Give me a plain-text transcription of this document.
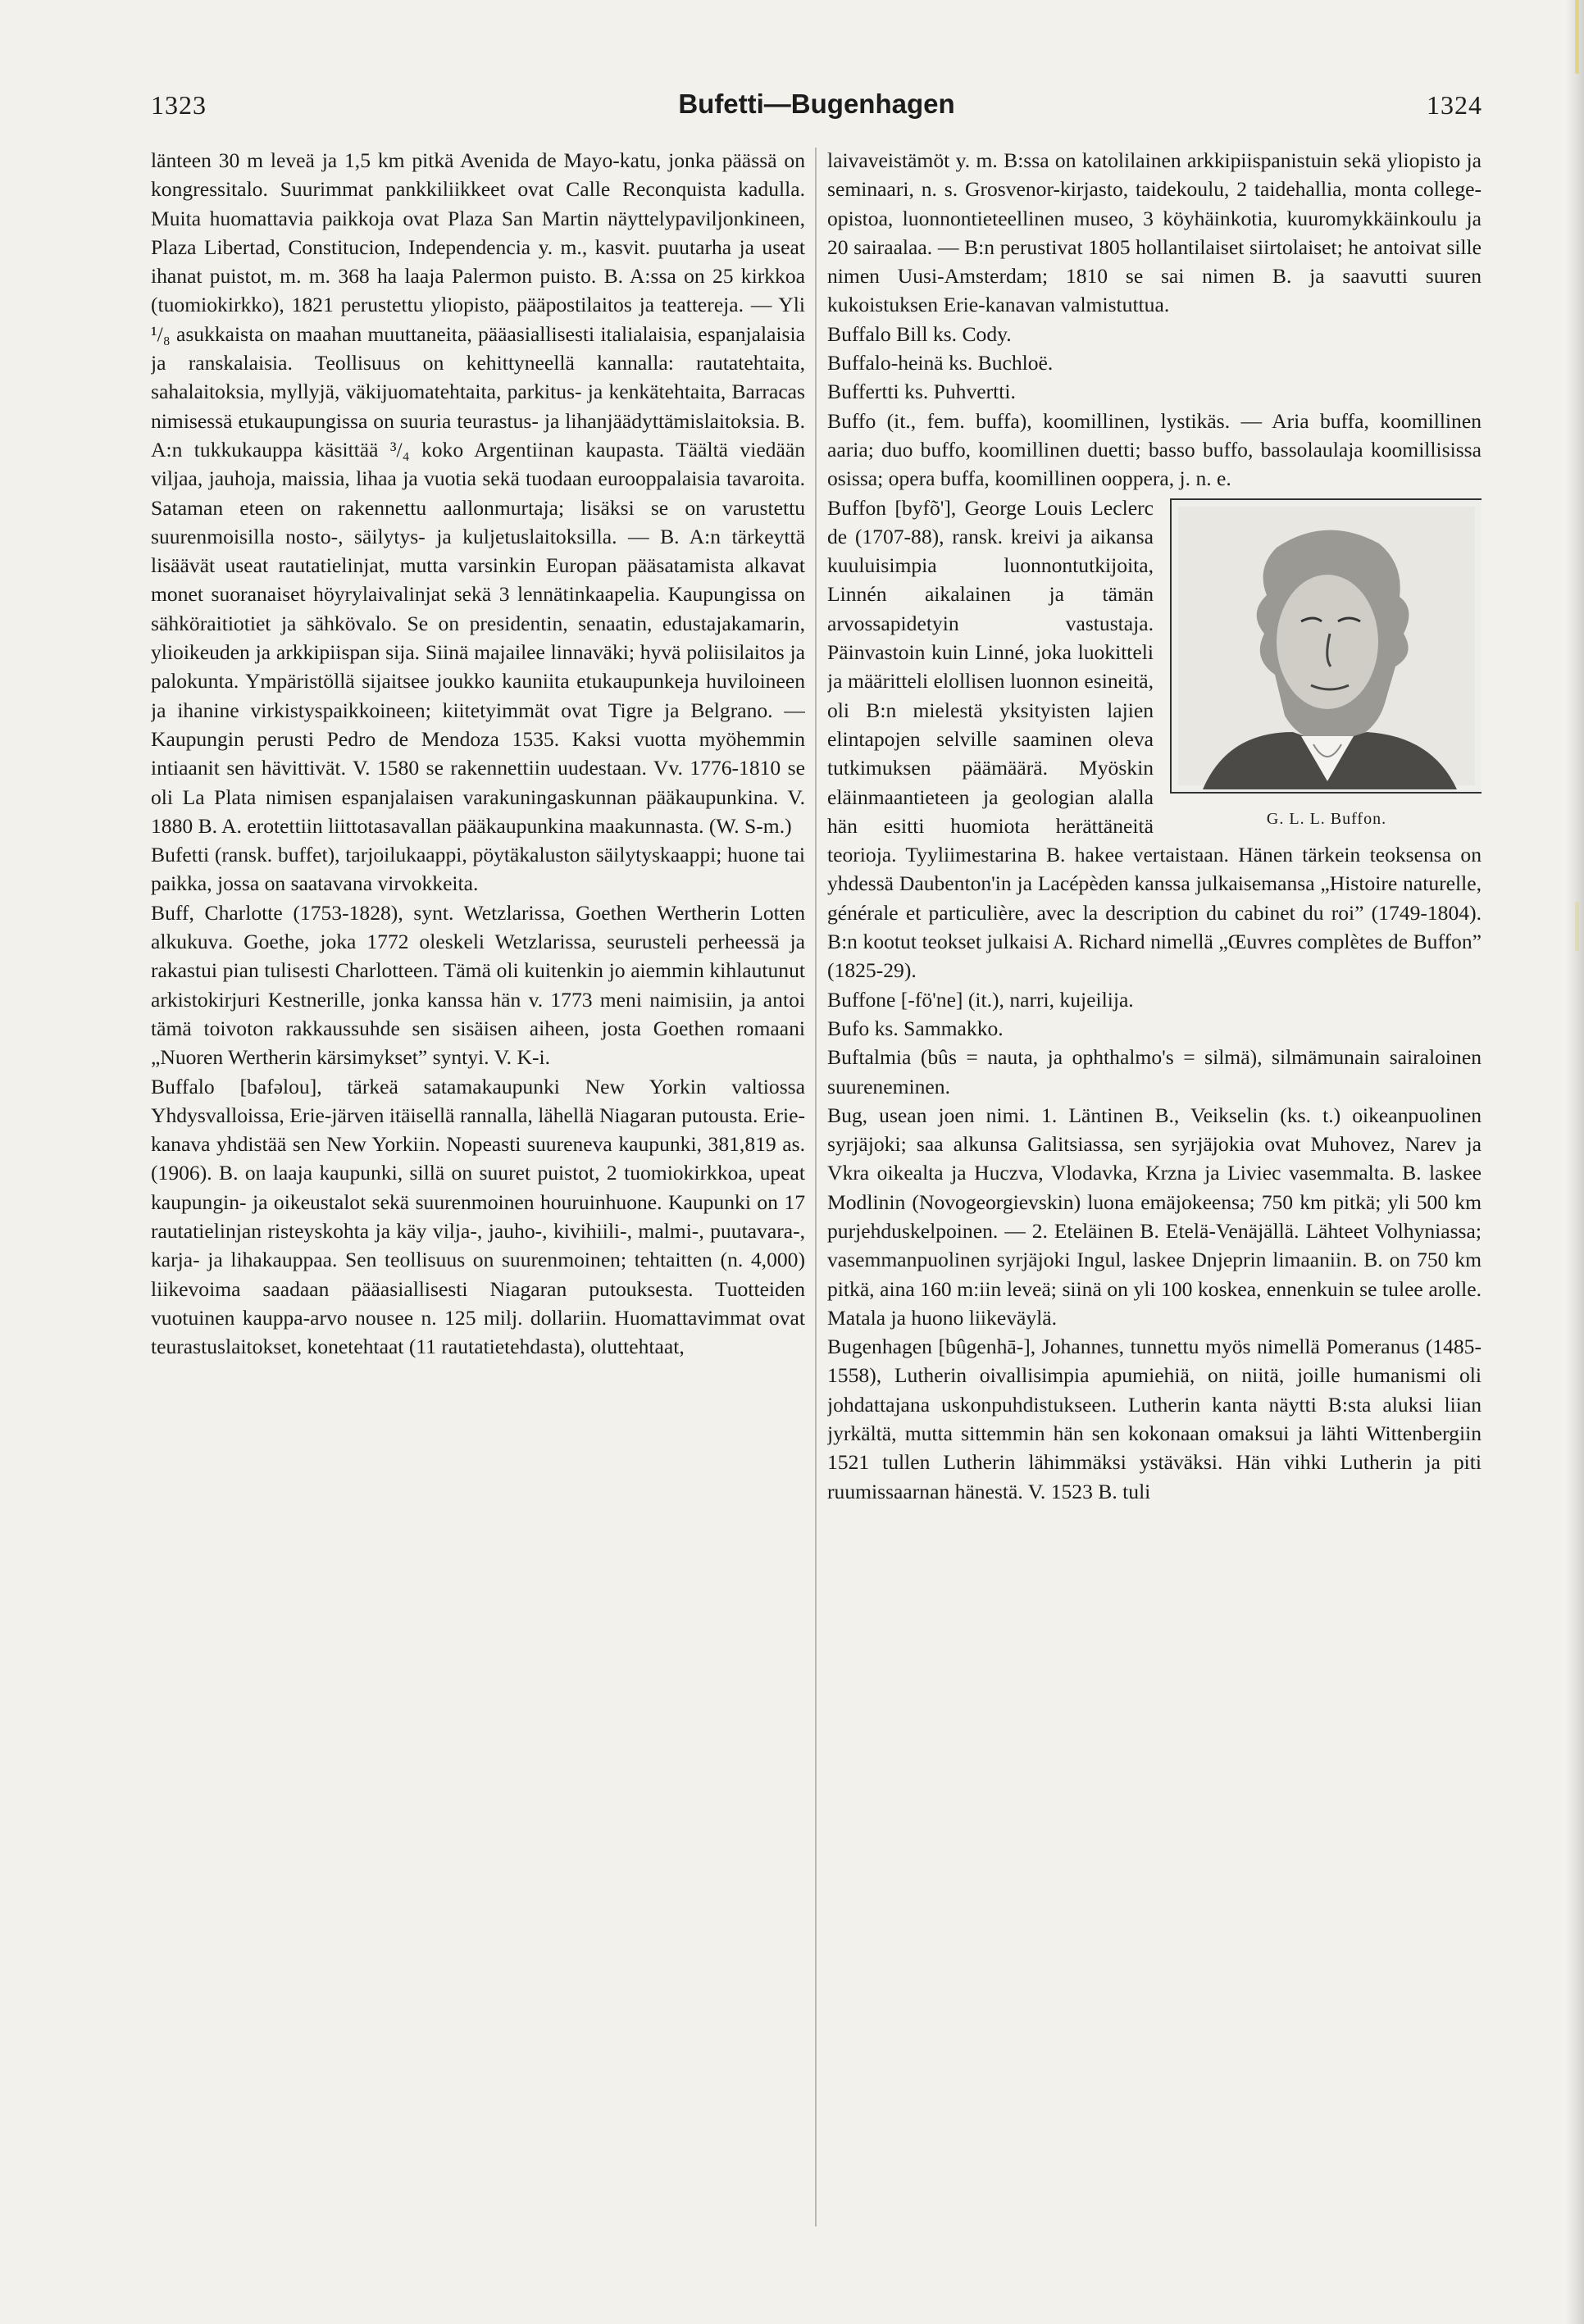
1323	Bufetti—Bugenhagen	1324

länteen 30 m leveä ja 1,5 km pitkä Avenida de Mayo-katu, jonka päässä on kongressitalo. Suurimmat pankkiliikkeet ovat Calle Reconquista kadulla. Muita huomattavia paikkoja ovat Plaza San Martin näyttelypaviljonkineen, Plaza Libertad, Constitucion, Independencia y. m., kasvit. puutarha ja useat ihanat puistot, m. m. 368 ha laaja Palermon puisto. B. A:ssa on 25 kirkkoa (tuomiokirkko), 1821 perustettu yliopisto, pääpostilaitos ja teattereja. — Yli ¹/₈ asukkaista on maahan muuttaneita, pääasiallisesti italialaisia, espanjalaisia ja ranskalaisia. Teollisuus on kehittyneellä kannalla: rautatehtaita, sahalaitoksia, myllyjä, väkijuomatehtaita, parkitus- ja kenkätehtaita, Barracas nimisessä etukaupungissa on suuria teurastus- ja lihanjäädyttämislaitoksia. B. A:n tukkukauppa käsittää ³/₄ koko Argentiinan kaupasta. Täältä viedään viljaa, jauhoja, maissia, lihaa ja vuotia sekä tuodaan eurooppalaisia tavaroita. Sataman eteen on rakennettu aallonmurtaja; lisäksi se on varustettu suurenmoisilla nosto-, säilytys- ja kuljetuslaitoksilla. — B. A:n tärkeyttä lisäävät useat rautatielinjat, mutta varsinkin Europan pääsatamista alkavat monet suoranaiset höyrylaivalinjat sekä 3 lennätinkaapelia. Kaupungissa on sähköraitiotiet ja sähkövalo. Se on presidentin, senaatin, edustajakamarin, ylioikeuden ja arkkipiispan sija. Siinä majailee linnaväki; hyvä poliisilaitos ja palokunta. Ympäristöllä sijaitsee joukko kauniita etukaupunkeja huviloineen ja ihanine virkistyspaikkoineen; kiitetyimmät ovat Tigre ja Belgrano. — Kaupungin perusti Pedro de Mendoza 1535. Kaksi vuotta myöhemmin intiaanit sen hävittivät. V. 1580 se rakennettiin uudestaan. Vv. 1776-1810 se oli La Plata nimisen espanjalaisen varakuningaskunnan pääkaupunkina. V. 1880 B. A. erotettiin liittotasavallan pääkaupunkina maakunnasta. (W. S-m.)

Bufetti (ransk. buffet), tarjoilukaappi, pöytäkaluston säilytyskaappi; huone tai paikka, jossa on saatavana virvokkeita.

Buff, Charlotte (1753-1828), synt. Wetzlarissa, Goethen Wertherin Lotten alkukuva. Goethe, joka 1772 oleskeli Wetzlarissa, seurusteli perheessä ja rakastui pian tulisesti Charlotteen. Tämä oli kuitenkin jo aiemmin kihlautunut arkistokirjuri Kestnerille, jonka kanssa hän v. 1773 meni naimisiin, ja antoi tämä toivoton rakkaussuhde sen sisäisen aiheen, josta Goethen romaani „Nuoren Wertherin kärsimykset” syntyi. V. K-i.

Buffalo [bafəlou], tärkeä satamakaupunki New Yorkin valtiossa Yhdysvalloissa, Erie-järven itäisellä rannalla, lähellä Niagaran putousta. Erie-kanava yhdistää sen New Yorkiin. Nopeasti suureneva kaupunki, 381,819 as. (1906). B. on laaja kaupunki, sillä on suuret puistot, 2 tuomiokirkkoa, upeat kaupungin- ja oikeustalot sekä suurenmoinen houruinhuone. Kaupunki on 17 rautatielinjan risteyskohta ja käy vilja-, jauho-, kivihiili-, malmi-, puutavara-, karja- ja lihakauppaa. Sen teollisuus on suurenmoinen; tehtaitten (n. 4,000) liikevoima saadaan pääasiallisesti Niagaran putouksesta. Tuotteiden vuotuinen kauppa-arvo nousee n. 125 milj. dollariin. Huomattavimmat ovat teurastuslaitokset, konetehtaat (11 rautatietehdasta), oluttehtaat,

laivaveistämöt y. m. B:ssa on katolilainen arkkipiispanistuin sekä yliopisto ja seminaari, n. s. Grosvenor-kirjasto, taidekoulu, 2 taidehallia, monta college-opistoa, luonnontieteellinen museo, 3 köyhäinkotia, kuuromykkäinkoulu ja 20 sairaalaa. — B:n perustivat 1805 hollantilaiset siirtolaiset; he antoivat sille nimen Uusi-Amsterdam; 1810 se sai nimen B. ja saavutti suuren kukoistuksen Erie-kanavan valmistuttua.

Buffalo Bill ks. Cody.

Buffalo-heinä ks. Buchloë.

Buffertti ks. Puhvertti.

Buffo (it., fem. buffa), koomillinen, lystikäs. — Aria buffa, koomillinen aaria; duo buffo, koomillinen duetti; basso buffo, bassolaulaja koomillisissa osissa; opera buffa, koomillinen ooppera, j. n. e.

G. L. L. Buffon.

Buffon [byfõ'], George Louis Leclerc de (1707-88), ransk. kreivi ja aikansa kuuluisimpia luonnontutkijoita, Linnén aikalainen ja tämän arvossapidetyin vastustaja. Päinvastoin kuin Linné, joka luokitteli ja määritteli elollisen luonnon esineitä, oli B:n mielestä yksityisten lajien elintapojen selville saaminen oleva tutkimuksen päämäärä. Myöskin eläinmaantieteen ja geologian alalla hän esitti huomiota herättäneitä teorioja. Tyyliimestarina B. hakee vertaistaan. Hänen tärkein teoksensa on yhdessä Daubenton'in ja Lacépèden kanssa julkaisemansa „Histoire naturelle, générale et particulière, avec la description du cabinet du roi” (1749-1804). B:n kootut teokset julkaisi A. Richard nimellä „Œuvres complètes de Buffon” (1825-29).

Buffone [-fö'ne] (it.), narri, kujeilija.

Bufo ks. Sammakko.

Buftalmia (bûs = nauta, ja ophthalmo's = silmä), silmämunain sairaloinen suureneminen.

Bug, usean joen nimi. 1. Läntinen B., Veikselin (ks. t.) oikeanpuolinen syrjäjoki; saa alkunsa Galitsiassa, sen syrjäjokia ovat Muhovez, Narev ja Vkra oikealta ja Huczva, Vlodavka, Krzna ja Liviec vasemmalta. B. laskee Modlinin (Novogeorgievskin) luona emäjokeensa; 750 km pitkä; yli 500 km purjehduskelpoinen. — 2. Eteläinen B. Etelä-Venäjällä. Lähteet Volhyniassa; vasemmanpuolinen syrjäjoki Ingul, laskee Dnjeprin limaaniin. B. on 750 km pitkä, aina 160 m:iin leveä; siinä on yli 100 koskea, ennenkuin se tulee arolle. Matala ja huono liikeväylä.

Bugenhagen [bûgenhā-], Johannes, tunnettu myös nimellä Pomeranus (1485-1558), Lutherin oivallisimpia apumiehiä, on niitä, joille humanismi oli johdattajana uskonpuhdistukseen. Lutherin kanta näytti B:sta aluksi liian jyrkältä, mutta sittemmin hän sen kokonaan omaksui ja lähti Wittenbergiin 1521 tullen Lutherin lähimmäksi ystäväksi. Hän vihki Lutherin ja piti ruumissaarnan hänestä. V. 1523 B. tuli
